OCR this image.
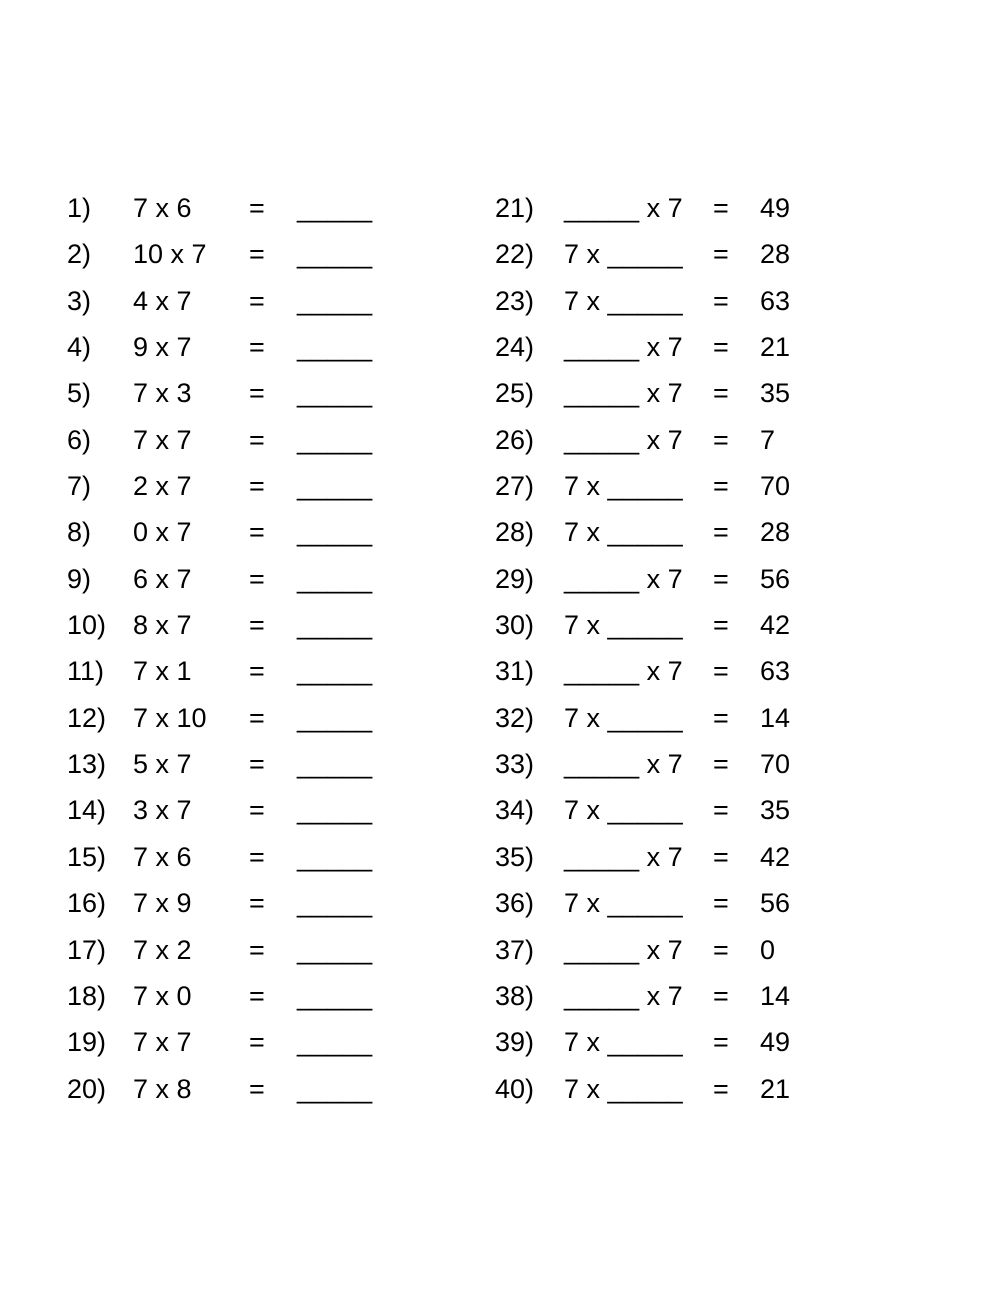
1) 7 x 6 = _____
2) 10 x 7 = _____
3) 4 x 7 = _____
4) 9 x 7 = _____
5) 7 x 3 = _____
6) 7 x 7 = _____
7) 2 x 7 = _____
8) 0 x 7 = _____
9) 6 x 7 = _____
10) 8 x 7 = _____
11) 7 x 1 = _____
12) 7 x 10 = _____
13) 5 x 7 = _____
14) 3 x 7 = _____
15) 7 x 6 = _____
16) 7 x 9 = _____
17) 7 x 2 = _____
18) 7 x 0 = _____
19) 7 x 7 = _____
20) 7 x 8 = _____
21) _____ x 7 = 49
22) 7 x _____ = 28
23) 7 x _____ = 63
24) _____ x 7 = 21
25) _____ x 7 = 35
26) _____ x 7 = 7
27) 7 x _____ = 70
28) 7 x _____ = 28
29) _____ x 7 = 56
30) 7 x _____ = 42
31) _____ x 7 = 63
32) 7 x _____ = 14
33) _____ x 7 = 70
34) 7 x _____ = 35
35) _____ x 7 = 42
36) 7 x _____ = 56
37) _____ x 7 = 0
38) _____ x 7 = 14
39) 7 x _____ = 49
40) 7 x _____ = 21
